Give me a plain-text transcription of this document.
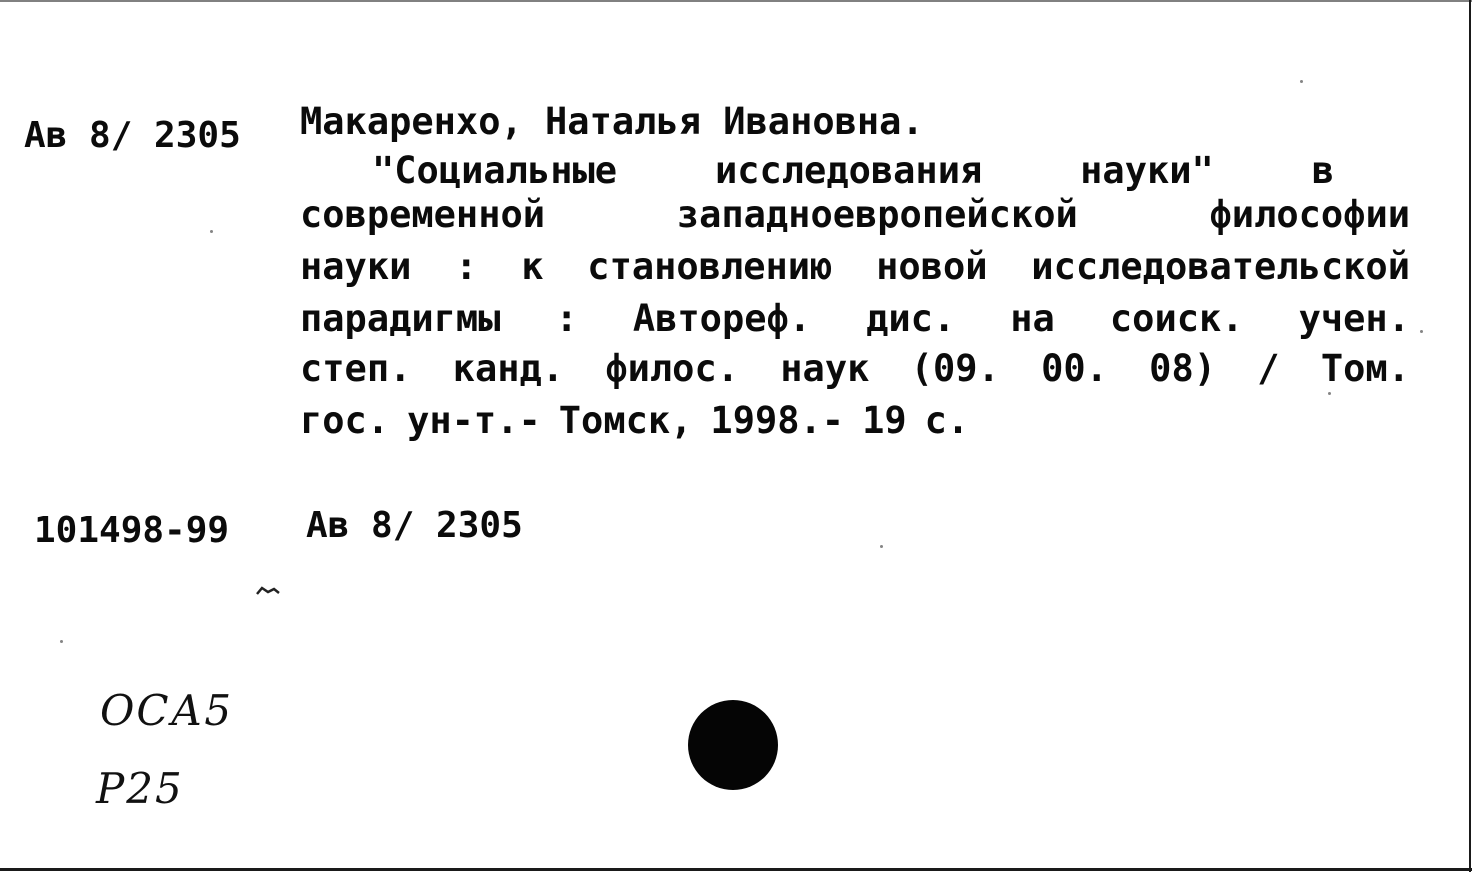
Ав 8/ 2305 Макаренхо, Наталья Ивановна.
"Социальные	исследования	науки"	в
современной	западноевропейской	философии
науки : к становлению новой исследовательской
парадигмы : Автореф. дис. на соиск. учен.
степ. канд. филос. наук (09. 00. 08) / Том.
гос. ун-т.- Томск, 1998.- 19 с.
101498-99 Ав 8/ 2305
ОСА5
Р25
